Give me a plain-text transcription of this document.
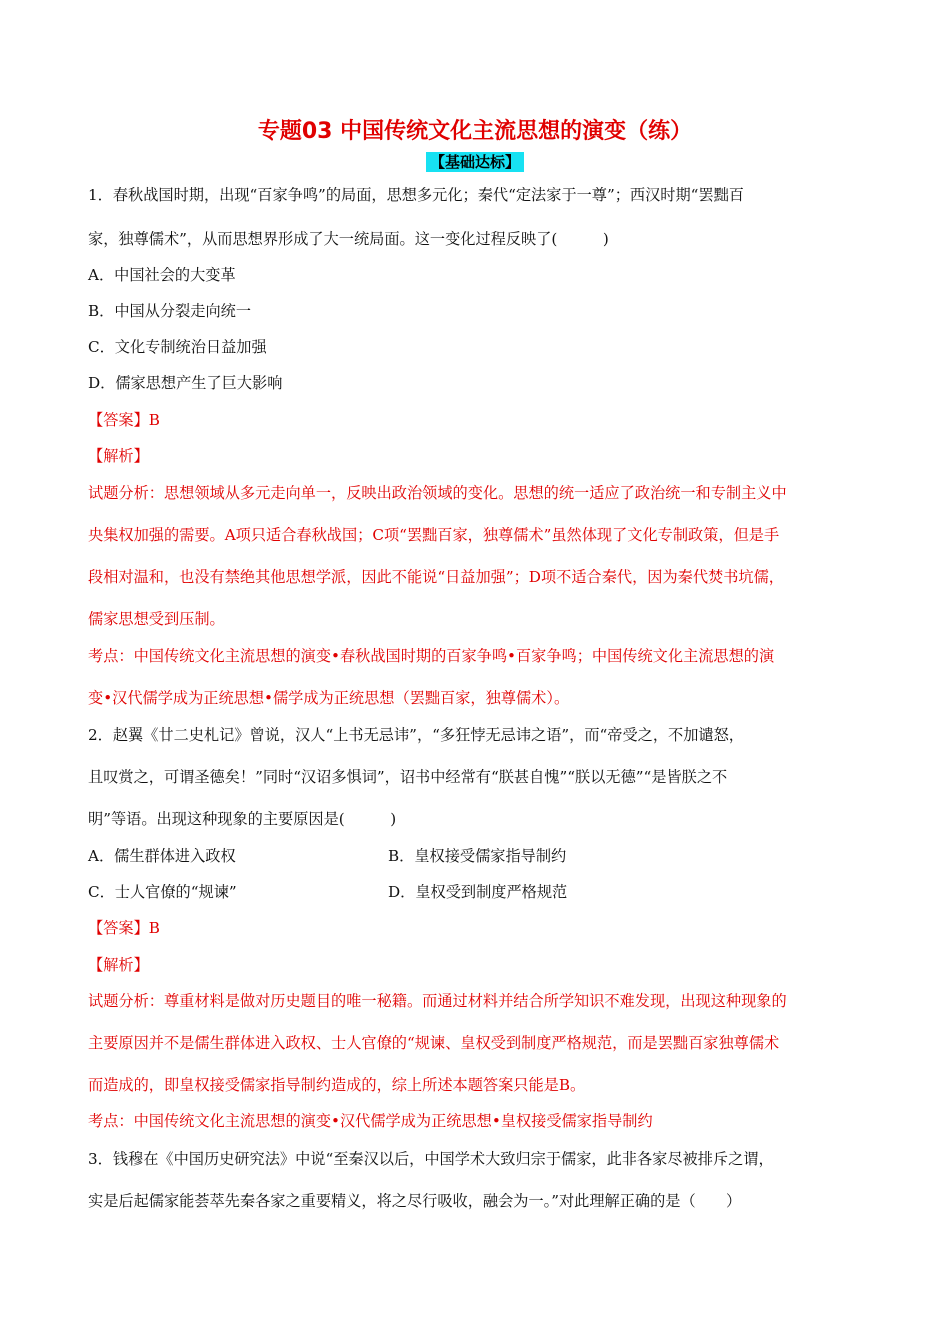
专题03 中国传统文化主流思想的演变（练）
【基础达标】
1．春秋战国时期，出现“百家争鸣”的局面，思想多元化；秦代“定法家于一尊”；西汉时期“罢黜百
家，独尊儒术”，从而思想界形成了大一统局面。这一变化过程反映了(　　　)
A．中国社会的大变革
B．中国从分裂走向统一
C．文化专制统治日益加强
D．儒家思想产生了巨大影响
【答案】B
【解析】
试题分析：思想领域从多元走向单一，反映出政治领域的变化。思想的统一适应了政治统一和专制主义中
央集权加强的需要。A项只适合春秋战国；C项“罢黜百家，独尊儒术”虽然体现了文化专制政策，但是手
段相对温和，也没有禁绝其他思想学派，因此不能说“日益加强”；D项不适合秦代，因为秦代焚书坑儒，
儒家思想受到压制。
考点：中国传统文化主流思想的演变•春秋战国时期的百家争鸣•百家争鸣；中国传统文化主流思想的演
变•汉代儒学成为正统思想•儒学成为正统思想（罢黜百家，独尊儒术）。
2．赵翼《廿二史札记》曾说，汉人“上书无忌讳”，“多狂悖无忌讳之语”，而“帝受之，不加谴怒，
且叹赏之，可谓圣德矣！”同时“汉诏多惧词”，诏书中经常有“朕甚自愧”“朕以无德”“是皆朕之不
明”等语。出现这种现象的主要原因是(　　　)
A．儒生群体进入政权	B．皇权接受儒家指导制约
C．士人官僚的“规谏”	D．皇权受到制度严格规范
【答案】B
【解析】
试题分析：尊重材料是做对历史题目的唯一秘籍。而通过材料并结合所学知识不难发现，出现这种现象的
主要原因并不是儒生群体进入政权、士人官僚的“规谏、皇权受到制度严格规范，而是罢黜百家独尊儒术
而造成的，即皇权接受儒家指导制约造成的，综上所述本题答案只能是B。
考点：中国传统文化主流思想的演变•汉代儒学成为正统思想•皇权接受儒家指导制约
3．钱穆在《中国历史研究法》中说“至秦汉以后，中国学术大致归宗于儒家，此非各家尽被排斥之谓，
实是后起儒家能荟萃先秦各家之重要精义，将之尽行吸收，融会为一。”对此理解正确的是（　　）
